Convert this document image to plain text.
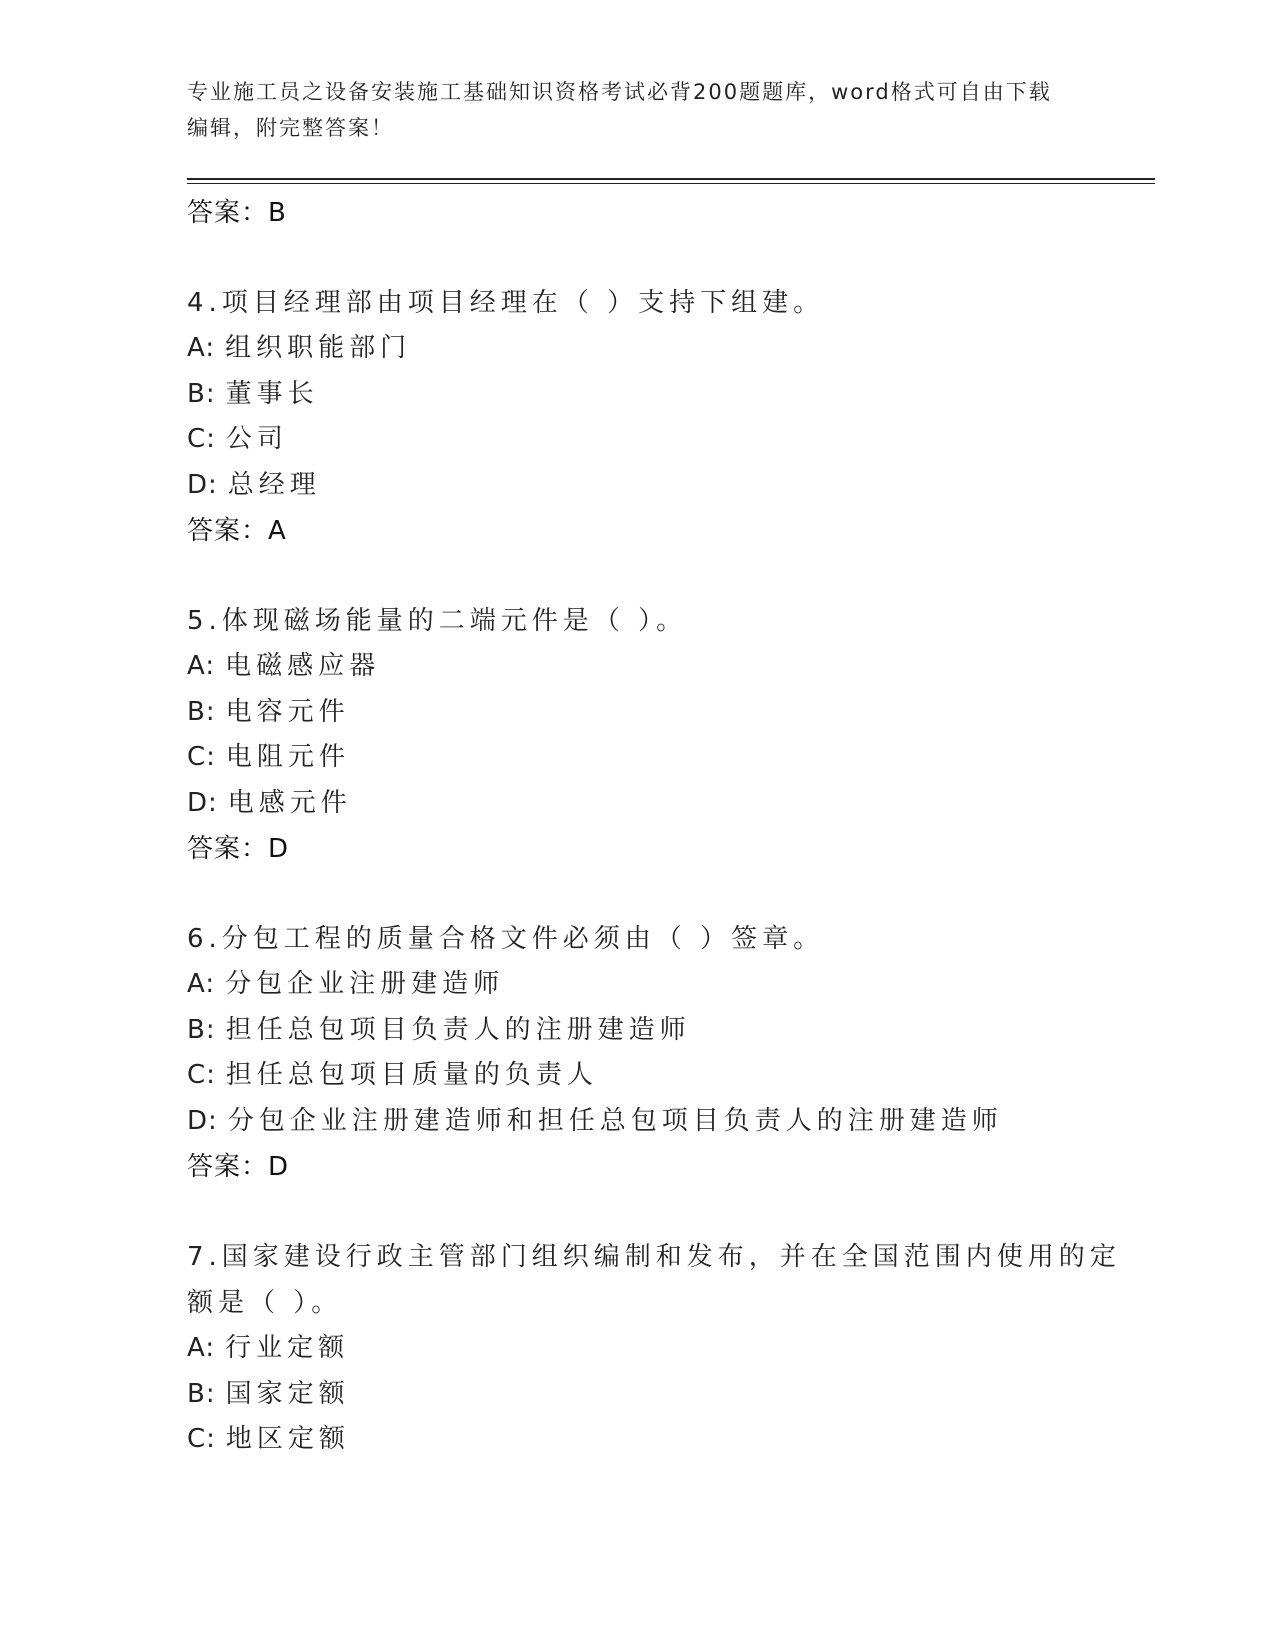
专业施工员之设备安装施工基础知识资格考试必背200题题库，word格式可自由下载编辑，附完整答案！
答案：B
4.项目经理部由项目经理在（ ）支持下组建。
A: 组织职能部门
B: 董事长
C: 公司
D: 总经理
答案：A
5.体现磁场能量的二端元件是（ ）。
A: 电磁感应器
B: 电容元件
C: 电阻元件
D: 电感元件
答案：D
6.分包工程的质量合格文件必须由（ ）签章。
A: 分包企业注册建造师
B: 担任总包项目负责人的注册建造师
C: 担任总包项目质量的负责人
D: 分包企业注册建造师和担任总包项目负责人的注册建造师
答案：D
7.国家建设行政主管部门组织编制和发布，并在全国范围内使用的定
额是（ ）。
A: 行业定额
B: 国家定额
C: 地区定额
